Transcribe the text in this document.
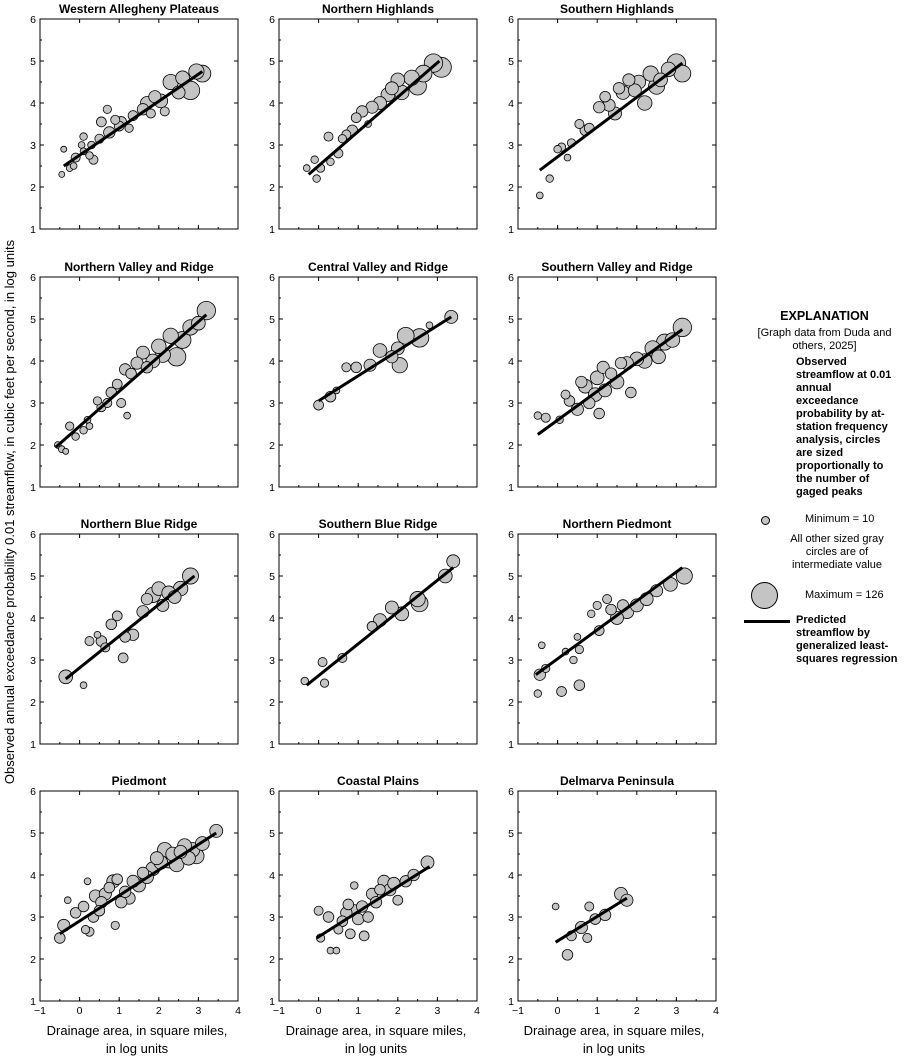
Observed annual exceedance probability 0.01 streamflow, in cubic feet per second, in log units
Drainage area, in square miles,
in log units
Drainage area, in square miles,
in log units
Drainage area, in square miles,
in log units
Western Allegheny Plateaus
1
2
3
4
5
6
Northern Highlands
1
2
3
4
5
6
Southern Highlands
1
2
3
4
5
6
Northern Valley and Ridge
1
2
3
4
5
6
Central Valley and Ridge
1
2
3
4
5
6
Southern Valley and Ridge
1
2
3
4
5
6
Northern Blue Ridge
1
2
3
4
5
6
Southern Blue Ridge
1
2
3
4
5
6
Northern Piedmont
1
2
3
4
5
6
Piedmont
−1	0	1	2	3	4
1
2
3
4
5
6
Coastal Plains
−1	0	1	2	3	4
1
2
3
4
5
6
Delmarva Peninsula
−1	0	1	2	3	4
1
2
3
4
5
6
EXPLANATION
[Graph data from Duda and others, 2025]
Observed streamflow at 0.01 annual exceedance probability by at-station frequency analysis, circles are sized proportionally to the number of gaged peaks
Minimum = 10
All other sized gray circles are of intermediate value
Maximum = 126
Predicted streamflow by generalized least-squares regression
